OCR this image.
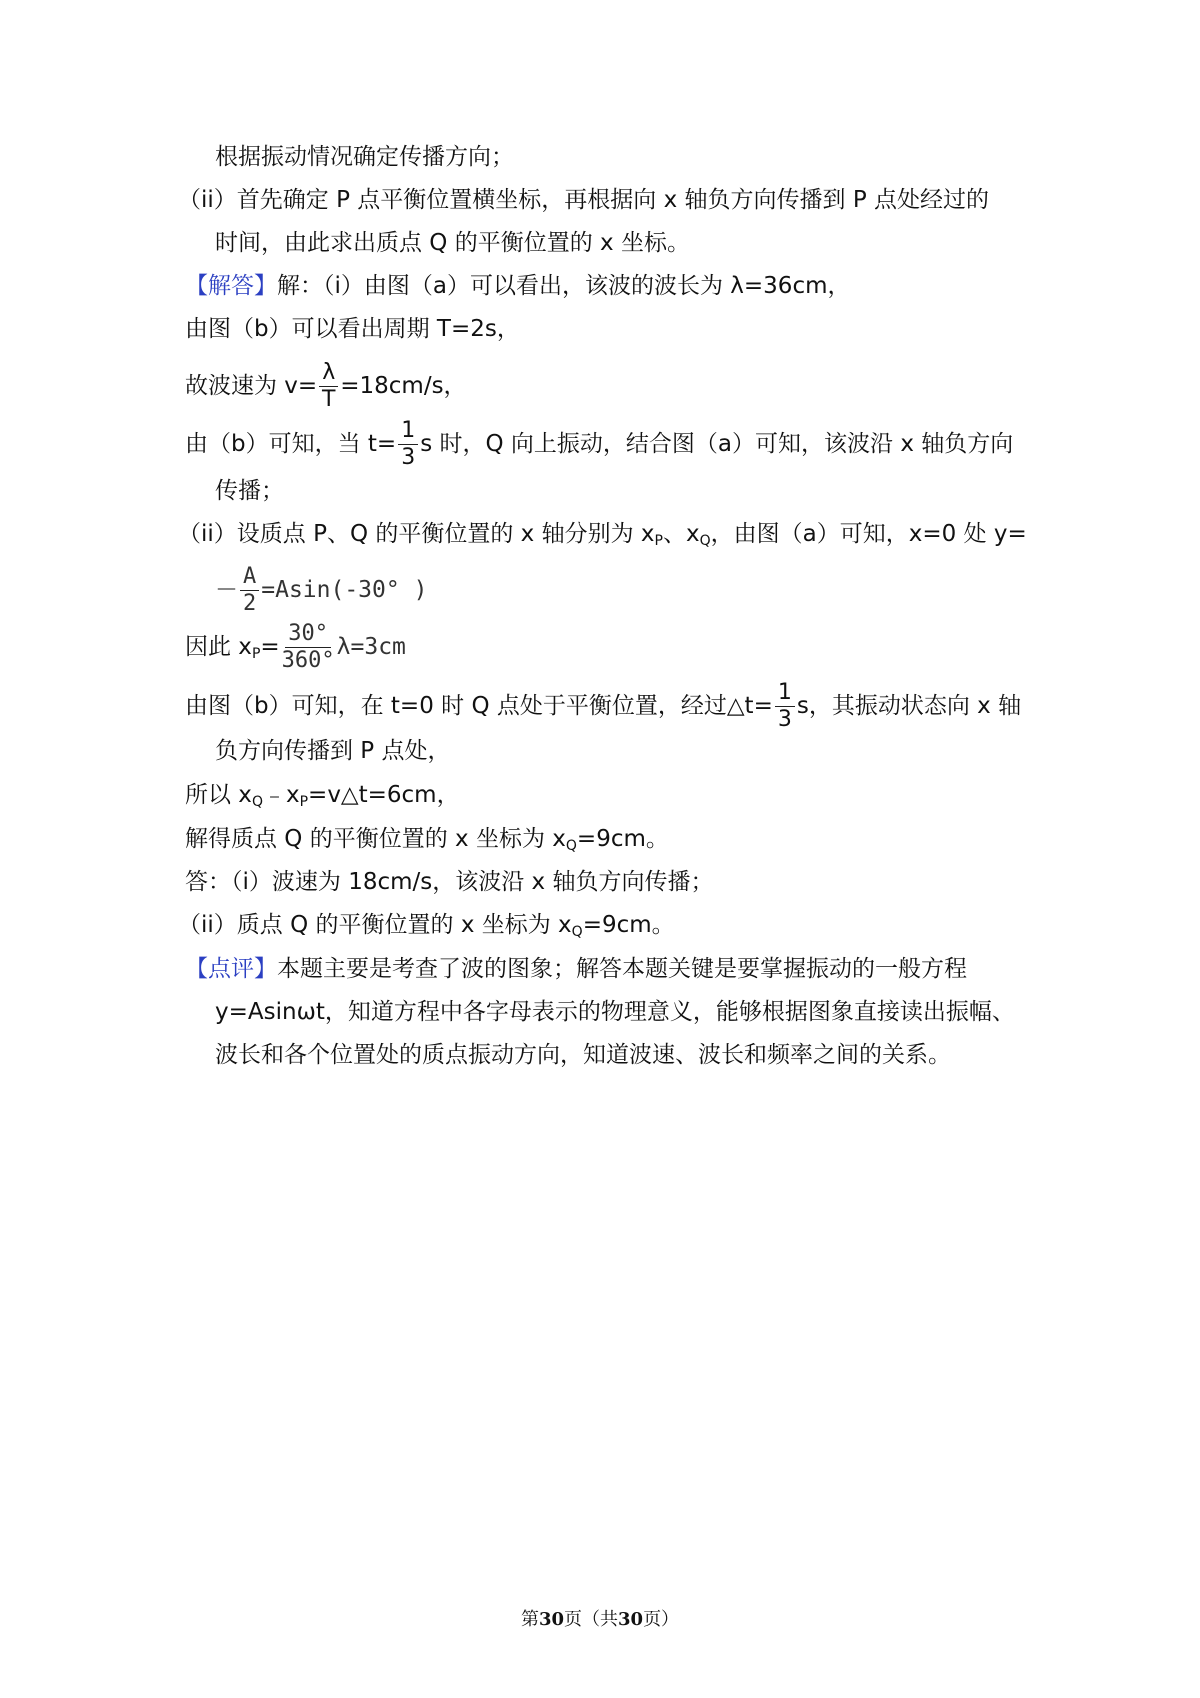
根据振动情况确定传播方向；
（ii）首先确定 P 点平衡位置横坐标，再根据向 x 轴负方向传播到 P 点处经过的
时间，由此求出质点 Q 的平衡位置的 x 坐标。
【解答】解：（i）由图（a）可以看出，该波的波长为 λ=36cm，
由图（b）可以看出周期 T=2s，
故波速为 $v= \frac{\lambda}{T} =18cm/s$，
由（b）可知，当 $t= \frac{1}{3}$ s 时，Q 向上振动，结合图（a）可知，该波沿 x 轴负方向
传播；
（ii）设质点 P、Q 的平衡位置的 x 轴分别为 $x_P$、$x_Q$，由图（a）可知，x=0 处 y=
－ $\frac{A}{2} =Asin(-30^\circ$ )
因此 $x_P= \frac{30^\circ}{360^\circ} \lambda=3cm$
由图（b）可知，在 t=0 时 Q 点处于平衡位置，经过△t= $\frac{1}{3}$ s，其振动状态向 x 轴
负方向传播到 P 点处，
所以 $x_Q﹣x_P=v\triangle t=6cm$，
解得质点 Q 的平衡位置的 x 坐标为 $x_Q=9cm$。
答：（i）波速为 18cm/s，该波沿 x 轴负方向传播；
（ii）质点 Q 的平衡位置的 x 坐标为 $x_Q=9cm$。
【点评】本题主要是考查了波的图象；解答本题关键是要掌握振动的一般方程
y=Asinωt，知道方程中各字母表示的物理意义，能够根据图象直接读出振幅、
波长和各个位置处的质点振动方向，知道波速、波长和频率之间的关系。
第30页（共30页）
